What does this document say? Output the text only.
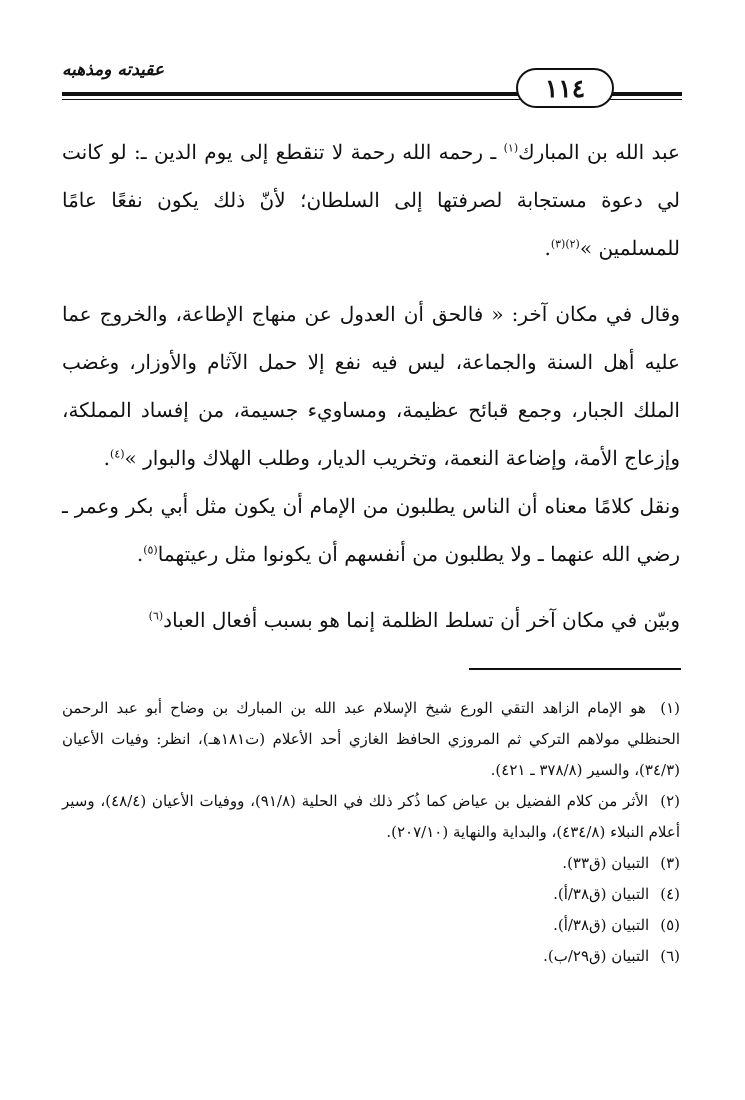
عقيدته ومذهبه
١١٤

عبد الله بن المبارك$^{(١)}$ ـ رحمه الله رحمة لا تنقطع إلى يوم الدين ـ: لو كانت لي دعوة مستجابة لصرفتها إلى السلطان؛ لأنّ ذلك يكون نفعًا عامًا للمسلمين »$^{(٢)(٣)}$.

وقال في مكان آخر: « فالحق أن العدول عن منهاج الإطاعة، والخروج عما عليه أهل السنة والجماعة، ليس فيه نفع إلا حمل الآثام والأوزار، وغضب الملك الجبار، وجمع قبائح عظيمة، ومساويء جسيمة، من إفساد المملكة، وإزعاج الأمة، وإضاعة النعمة، وتخريب الديار، وطلب الهلاك والبوار »$^{(٤)}$.

ونقل كلامًا معناه أن الناس يطلبون من الإمام أن يكون مثل أبي بكر وعمر ـ رضي الله عنهما ـ ولا يطلبون من أنفسهم أن يكونوا مثل رعيتهما$^{(٥)}$.

وبيّن في مكان آخر أن تسلط الظلمة إنما هو بسبب أفعال العباد$^{(٦)}$

(١) هو الإمام الزاهد التقي الورع شيخ الإسلام عبد الله بن المبارك بن وضاح أبو عبد الرحمن الحنظلي مولاهم التركي ثم المروزي الحافظ الغازي أحد الأعلام (ت١٨١هـ)، انظر: وفيات الأعيان (٣٤/٣)، والسير (٣٧٨/٨ ـ ٤٢١).
(٢) الأثر من كلام الفضيل بن عياض كما ذُكر ذلك في الحلية (٩١/٨)، ووفيات الأعيان (٤٨/٤)، وسير أعلام النبلاء (٤٣٤/٨)، والبداية والنهاية (٢٠٧/١٠).
(٣) التبيان (ق٣٣).
(٤) التبيان (ق٣٨/أ).
(٥) التبيان (ق٣٨/أ).
(٦) التبيان (ق٢٩/ب).
